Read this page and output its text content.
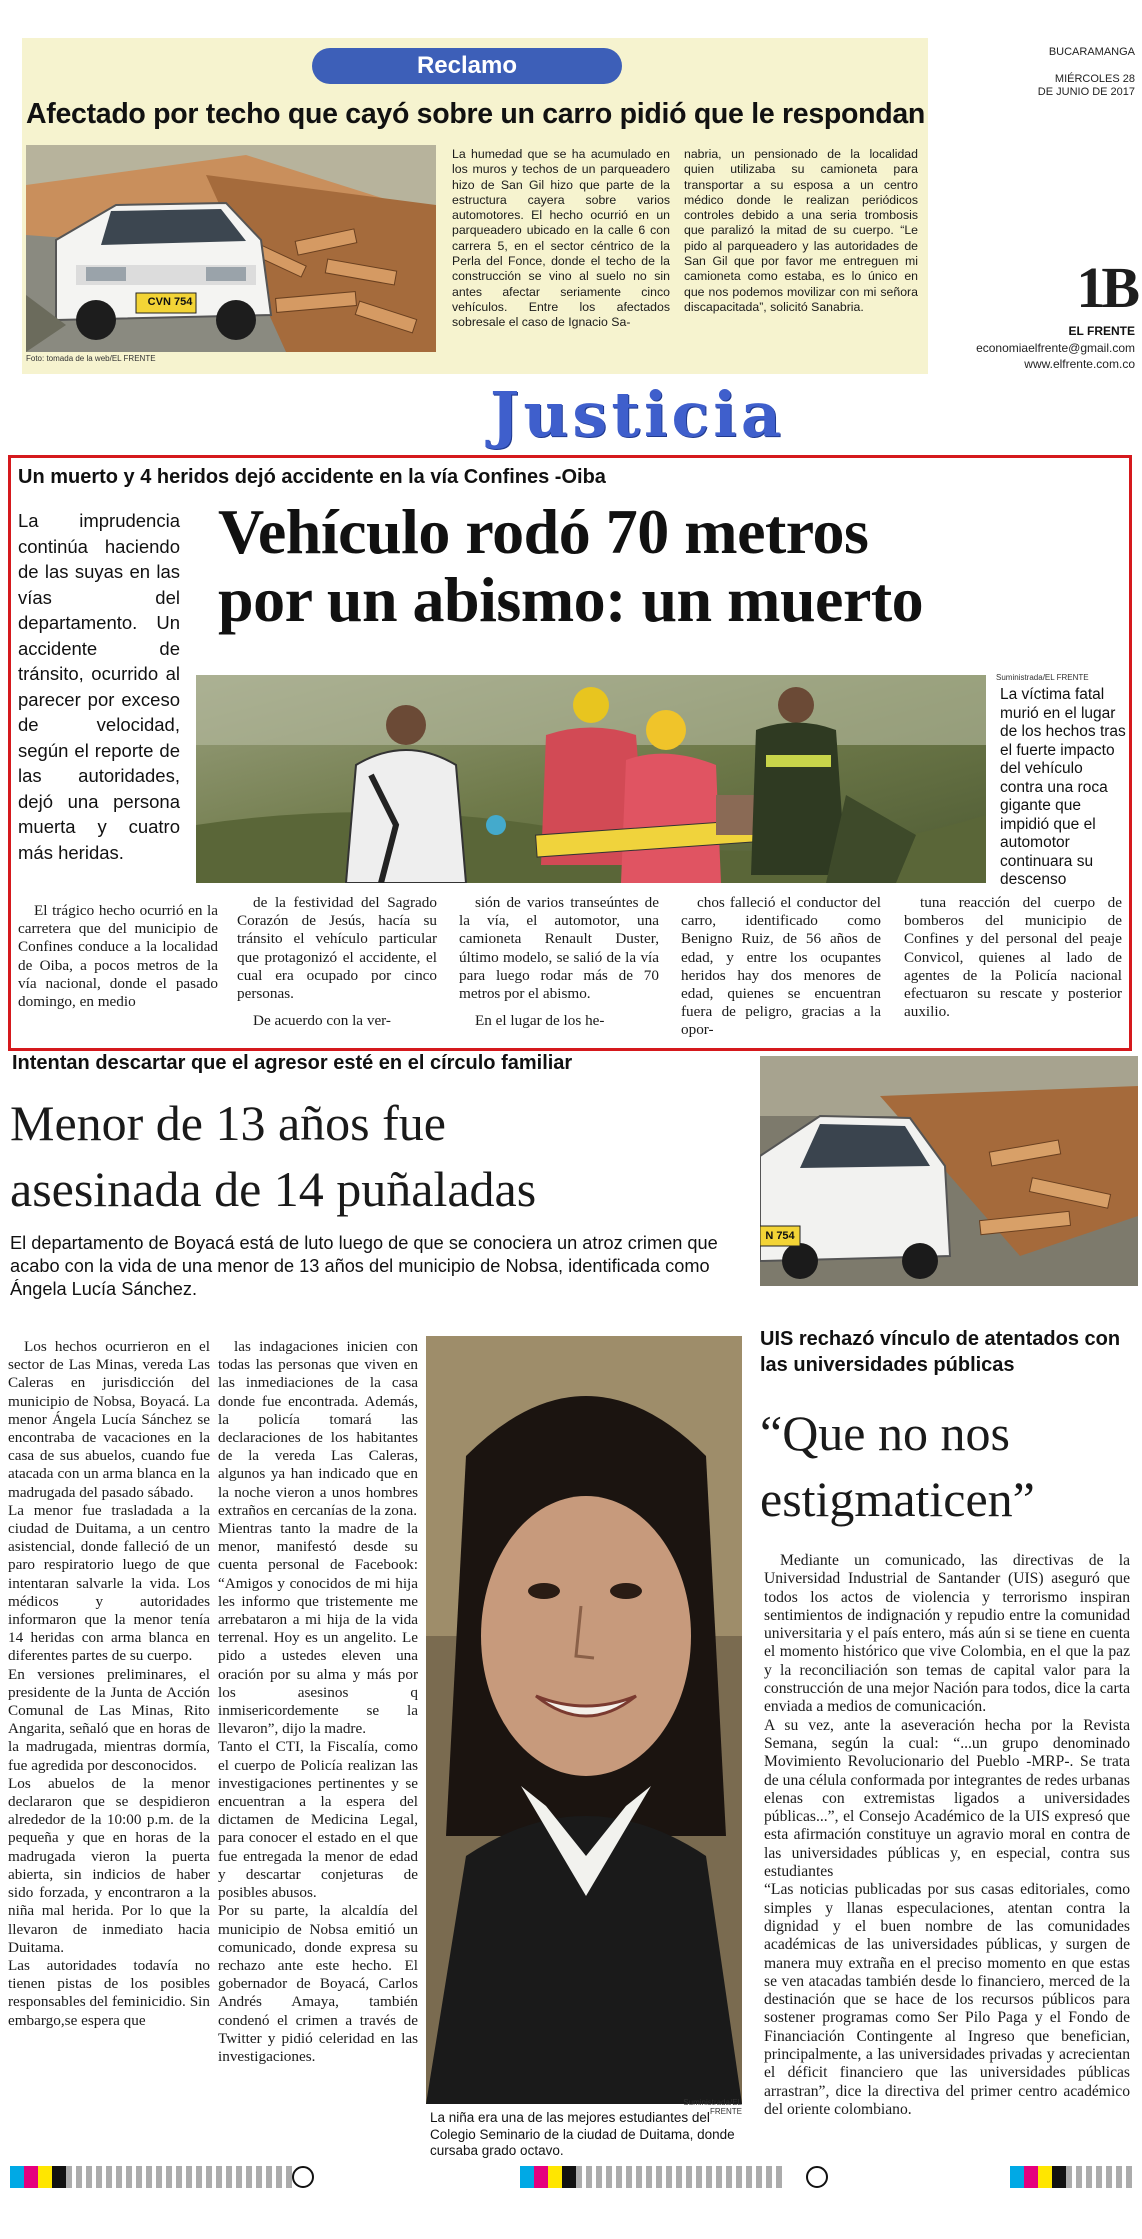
Reclamo
Afectado por techo que cayó sobre un carro pidió que le respondan
CVN 754
Foto: tomada de la web/EL FRENTE

La humedad que se ha acumulado en los muros y techos de un parqueadero hizo de San Gil hizo que parte de la estructura cayera sobre varios automotores. El hecho ocurrió en un parqueadero ubicado en la calle 6 con carrera 5, en el sector céntrico de la Perla del Fonce, donde el techo de la construcción se vino al suelo no sin antes afectar seriamente cinco vehículos. Entre los afectados sobresale el caso de Ignacio Sa-

nabria, un pensionado de la localidad quien utilizaba su camioneta para transportar a su esposa a un centro médico donde le realizan periódicos controles debido a una seria trombosis que paralizó la mitad de su cuerpo. “Le pido al parqueadero y las autoridades de San Gil que por favor me entreguen mi camioneta como estaba, es lo único en que nos podemos movilizar con mi señora discapacitada”, solicitó Sanabria.

BUCARAMANGA
MIÉRCOLES 28
DE JUNIO DE 2017
1B
EL FRENTE
economiaelfrente@gmail.com
www.elfrente.com.co
Justicia
Un muerto y 4 heridos dejó accidente en la vía Confines -Oiba
La imprudencia continúa haciendo de las suyas en las vías del departamento. Un accidente de tránsito, ocurrido al parecer por exceso de velocidad, según el reporte de las autoridades, dejó una persona muerta y cuatro más heridas.
Vehículo rodó 70 metros
por un abismo: un muerto
Suministrada/EL FRENTE
La víctima fatal murió en el lugar de los hechos tras el fuerte impacto del vehículo contra una roca gigante que impidió que el automotor continuara su descenso

El trágico hecho ocurrió en la carretera que del municipio de Confines conduce a la localidad de Oiba, a pocos metros de la vía nacional, donde el pasado domingo, en medio

de la festividad del Sagrado Corazón de Jesús, hacía su tránsito el vehículo particular que protagonizó el accidente, el cual era ocupado por cinco personas.

De acuerdo con la ver-

sión de varios transeúntes de la vía, el automotor, una camioneta Renault Duster, último modelo, se salió de la vía para luego rodar más de 70 metros por el abismo.

En el lugar de los he-

chos falleció el conductor del carro, identificado como Benigno Ruiz, de 56 años de edad, y entre los ocupantes heridos hay dos menores de edad, quienes se encuentran fuera de peligro, gracias a la opor-

tuna reacción del cuerpo de bomberos del municipio de Confines y del personal del peaje Convicol, quienes al lado de agentes de la Policía nacional efectuaron su rescate y posterior auxilio.

Intentan descartar que el agresor esté en el círculo familiar
Menor de 13 años fue
asesinada de 14 puñaladas
El departamento de Boyacá está de luto luego de que se conociera un atroz crimen que acabo con la vida de una menor de 13 años del municipio de Nobsa, identificada como Ángela Lucía Sánchez.

Los hechos ocurrieron en el sector de Las Minas, vereda Las Caleras en jurisdicción del municipio de Nobsa, Boyacá. La menor Ángela Lucía Sánchez se encontraba de vacaciones en la casa de sus abuelos, cuando fue atacada con un arma blanca en la madrugada del pasado sábado.
La menor fue trasladada a la ciudad de Duitama, a un centro asistencial, donde falleció de un paro respiratorio luego de que intentaran salvarle la vida. Los médicos y autoridades informaron que la menor tenía 14 heridas con arma blanca en diferentes partes de su cuerpo.
En versiones preliminares, el presidente de la Junta de Acción Comunal de Las Minas, Rito Angarita, señaló que en horas de la madrugada, mientras dormía, fue agredida por desconocidos.
Los abuelos de la menor declararon que se despidieron alrededor de la 10:00 p.m. de la pequeña y que en horas de la madrugada vieron la puerta abierta, sin indicios de haber sido forzada, y encontraron a la niña mal herida. Por lo que la llevaron de inmediato hacia Duitama.
Las autoridades todavía no tienen pistas de los posibles responsables del feminicidio. Sin embargo,se espera que

las indagaciones inicien con todas las personas que viven en las inmediaciones de la casa donde fue encontrada. Además, la policía tomará las declaraciones de los habitantes de la vereda Las Caleras, algunos ya han indicado que en la noche vieron a unos hombres extraños en cercanías de la zona.
Mientras tanto la madre de la menor, manifestó desde su cuenta personal de Facebook: “Amigos y conocidos de mi hija les informo que tristemente me arrebataron a mi hija de la vida terrenal. Hoy es un angelito. Le pido a ustedes eleven una oración por su alma y más por los asesinos q inmisericordemente se la llevaron”, dijo la madre.
Tanto el CTI, la Fiscalía, como el cuerpo de Policía realizan las investigaciones pertinentes y se encuentran a la espera del dictamen de Medicina Legal, para conocer el estado en el que fue entregada la menor de edad y descartar conjeturas de posibles abusos.
Por su parte, la alcaldía del municipio de Nobsa emitió un comunicado, donde expresa su rechazo ante este hecho. El gobernador de Boyacá, Carlos Andrés Amaya, también condenó el crimen a través de Twitter y pidió celeridad en las investigaciones.

Suministrada/EL FRENTE
La niña era una de las mejores estudiantes del Colegio Seminario de la ciudad de Duitama, donde cursaba grado octavo.
N 754
UIS rechazó vínculo de atentados con las universidades públicas
“Que no nos
estigmaticen”

Mediante un comunicado, las directivas de la Universidad Industrial de Santander (UIS) aseguró que todos los actos de violencia y terrorismo inspiran sentimientos de indignación y repudio entre la comunidad universitaria y el país entero, más aún si se tiene en cuenta el momento histórico que vive Colombia, en el que la paz y la reconciliación son temas de capital valor para la construcción de una mejor Nación para todos, dice la carta enviada a medios de comunicación.
A su vez, ante la aseveración hecha por la Revista Semana, según la cual: “...un grupo denominado Movimiento Revolucionario del Pueblo -MRP-. Se trata de una célula conformada por integrantes de redes urbanas elenas con extremistas ligados a universidades públicas...”, el Consejo Académico de la UIS expresó que esta afirmación constituye un agravio moral en contra de las universidades públicas y, en especial, contra sus estudiantes
“Las noticias publicadas por sus casas editoriales, como simples y llanas especulaciones, atentan contra la dignidad y el buen nombre de las comunidades académicas de las universidades públicas, y surgen de manera muy extraña en el preciso momento en que estas se ven atacadas también desde lo financiero, merced de la destinación que se hace de los recursos públicos para sostener programas como Ser Pilo Paga y el Fondo de Financiación Contingente al Ingreso que benefician, principalmente, a las universidades privadas y acrecientan el déficit financiero que las universidades públicas arrastran”, dice la directiva del primer centro académico del oriente colombiano.
